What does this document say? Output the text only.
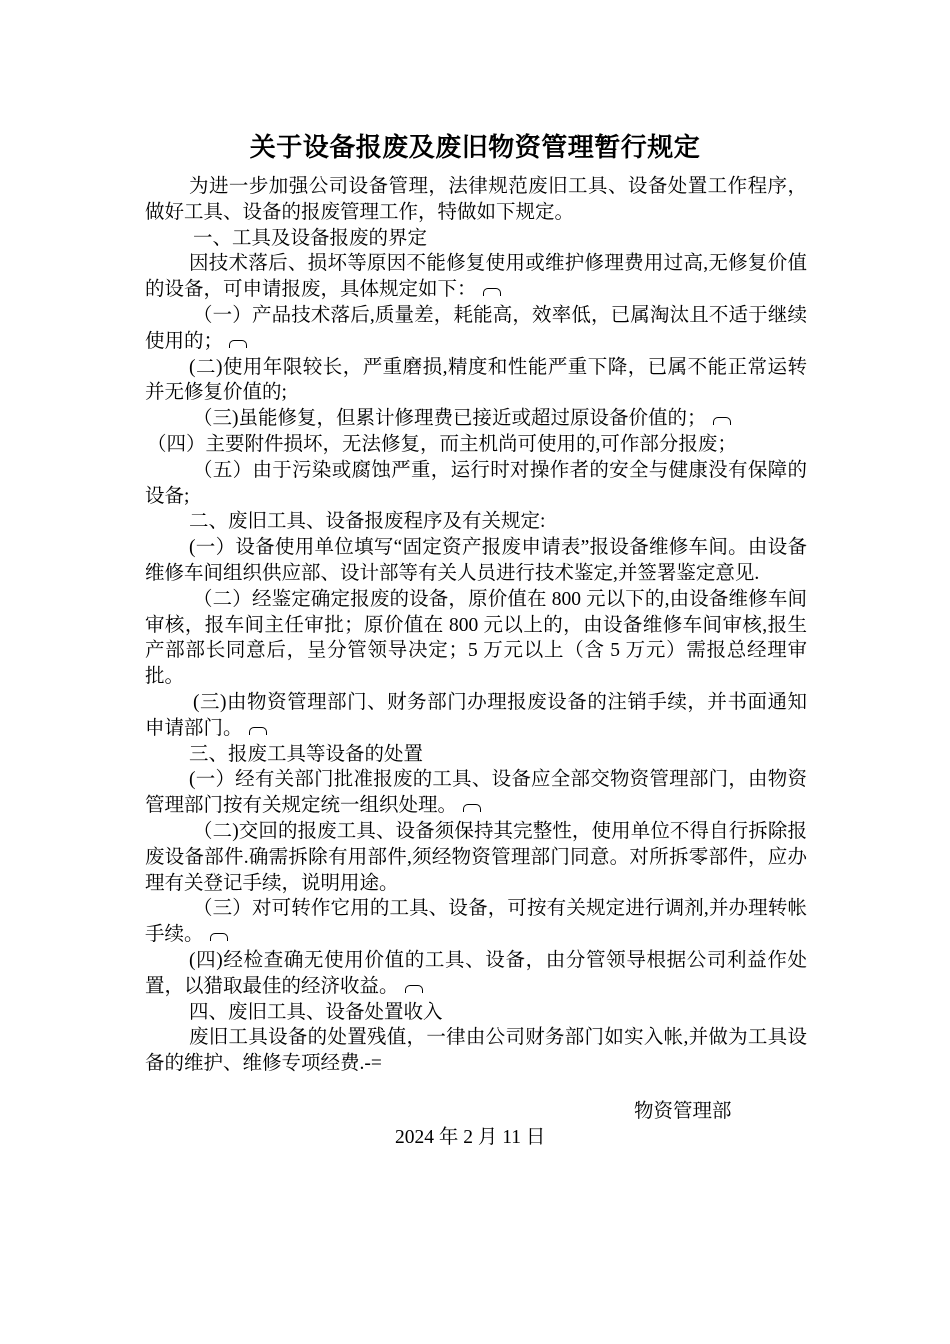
关于设备报废及废旧物资管理暂行规定

为进一步加强公司设备管理，法律规范废旧工具、设备处置工作程序，做好工具、设备的报废管理工作，特做如下规定。

一、工具及设备报废的界定

因技术落后、损坏等原因不能修复使用或维护修理费用过高,无修复价值的设备，可申请报废，具体规定如下：

（一）产品技术落后,质量差，耗能高，效率低，已属淘汰且不适于继续使用的；

(二)使用年限较长，严重磨损,精度和性能严重下降，已属不能正常运转并无修复价值的;

（三)虽能修复，但累计修理费已接近或超过原设备价值的；

（四）主要附件损坏，无法修复，而主机尚可使用的,可作部分报废；

（五）由于污染或腐蚀严重，运行时对操作者的安全与健康没有保障的设备;

二、废旧工具、设备报废程序及有关规定:

(一）设备使用单位填写“固定资产报废申请表”报设备维修车间。由设备维修车间组织供应部、设计部等有关人员进行技术鉴定,并签署鉴定意见.

（二）经鉴定确定报废的设备，原价值在 800 元以下的,由设备维修车间审核，报车间主任审批；原价值在 800 元以上的，由设备维修车间审核,报生产部部长同意后，呈分管领导决定；5 万元以上（含 5 万元）需报总经理审批。

(三)由物资管理部门、财务部门办理报废设备的注销手续，并书面通知申请部门。

三、报废工具等设备的处置

(一）经有关部门批准报废的工具、设备应全部交物资管理部门，由物资管理部门按有关规定统一组织处理。

（二)交回的报废工具、设备须保持其完整性，使用单位不得自行拆除报废设备部件.确需拆除有用部件,须经物资管理部门同意。对所拆零部件，应办理有关登记手续，说明用途。

（三）对可转作它用的工具、设备，可按有关规定进行调剂,并办理转帐手续。

(四)经检查确无使用价值的工具、设备，由分管领导根据公司利益作处置，以猎取最佳的经济收益。

四、废旧工具、设备处置收入

废旧工具设备的处置残值，一律由公司财务部门如实入帐,并做为工具设备的维护、维修专项经费.-=

物资管理部
2024 年 2 月 11 日
